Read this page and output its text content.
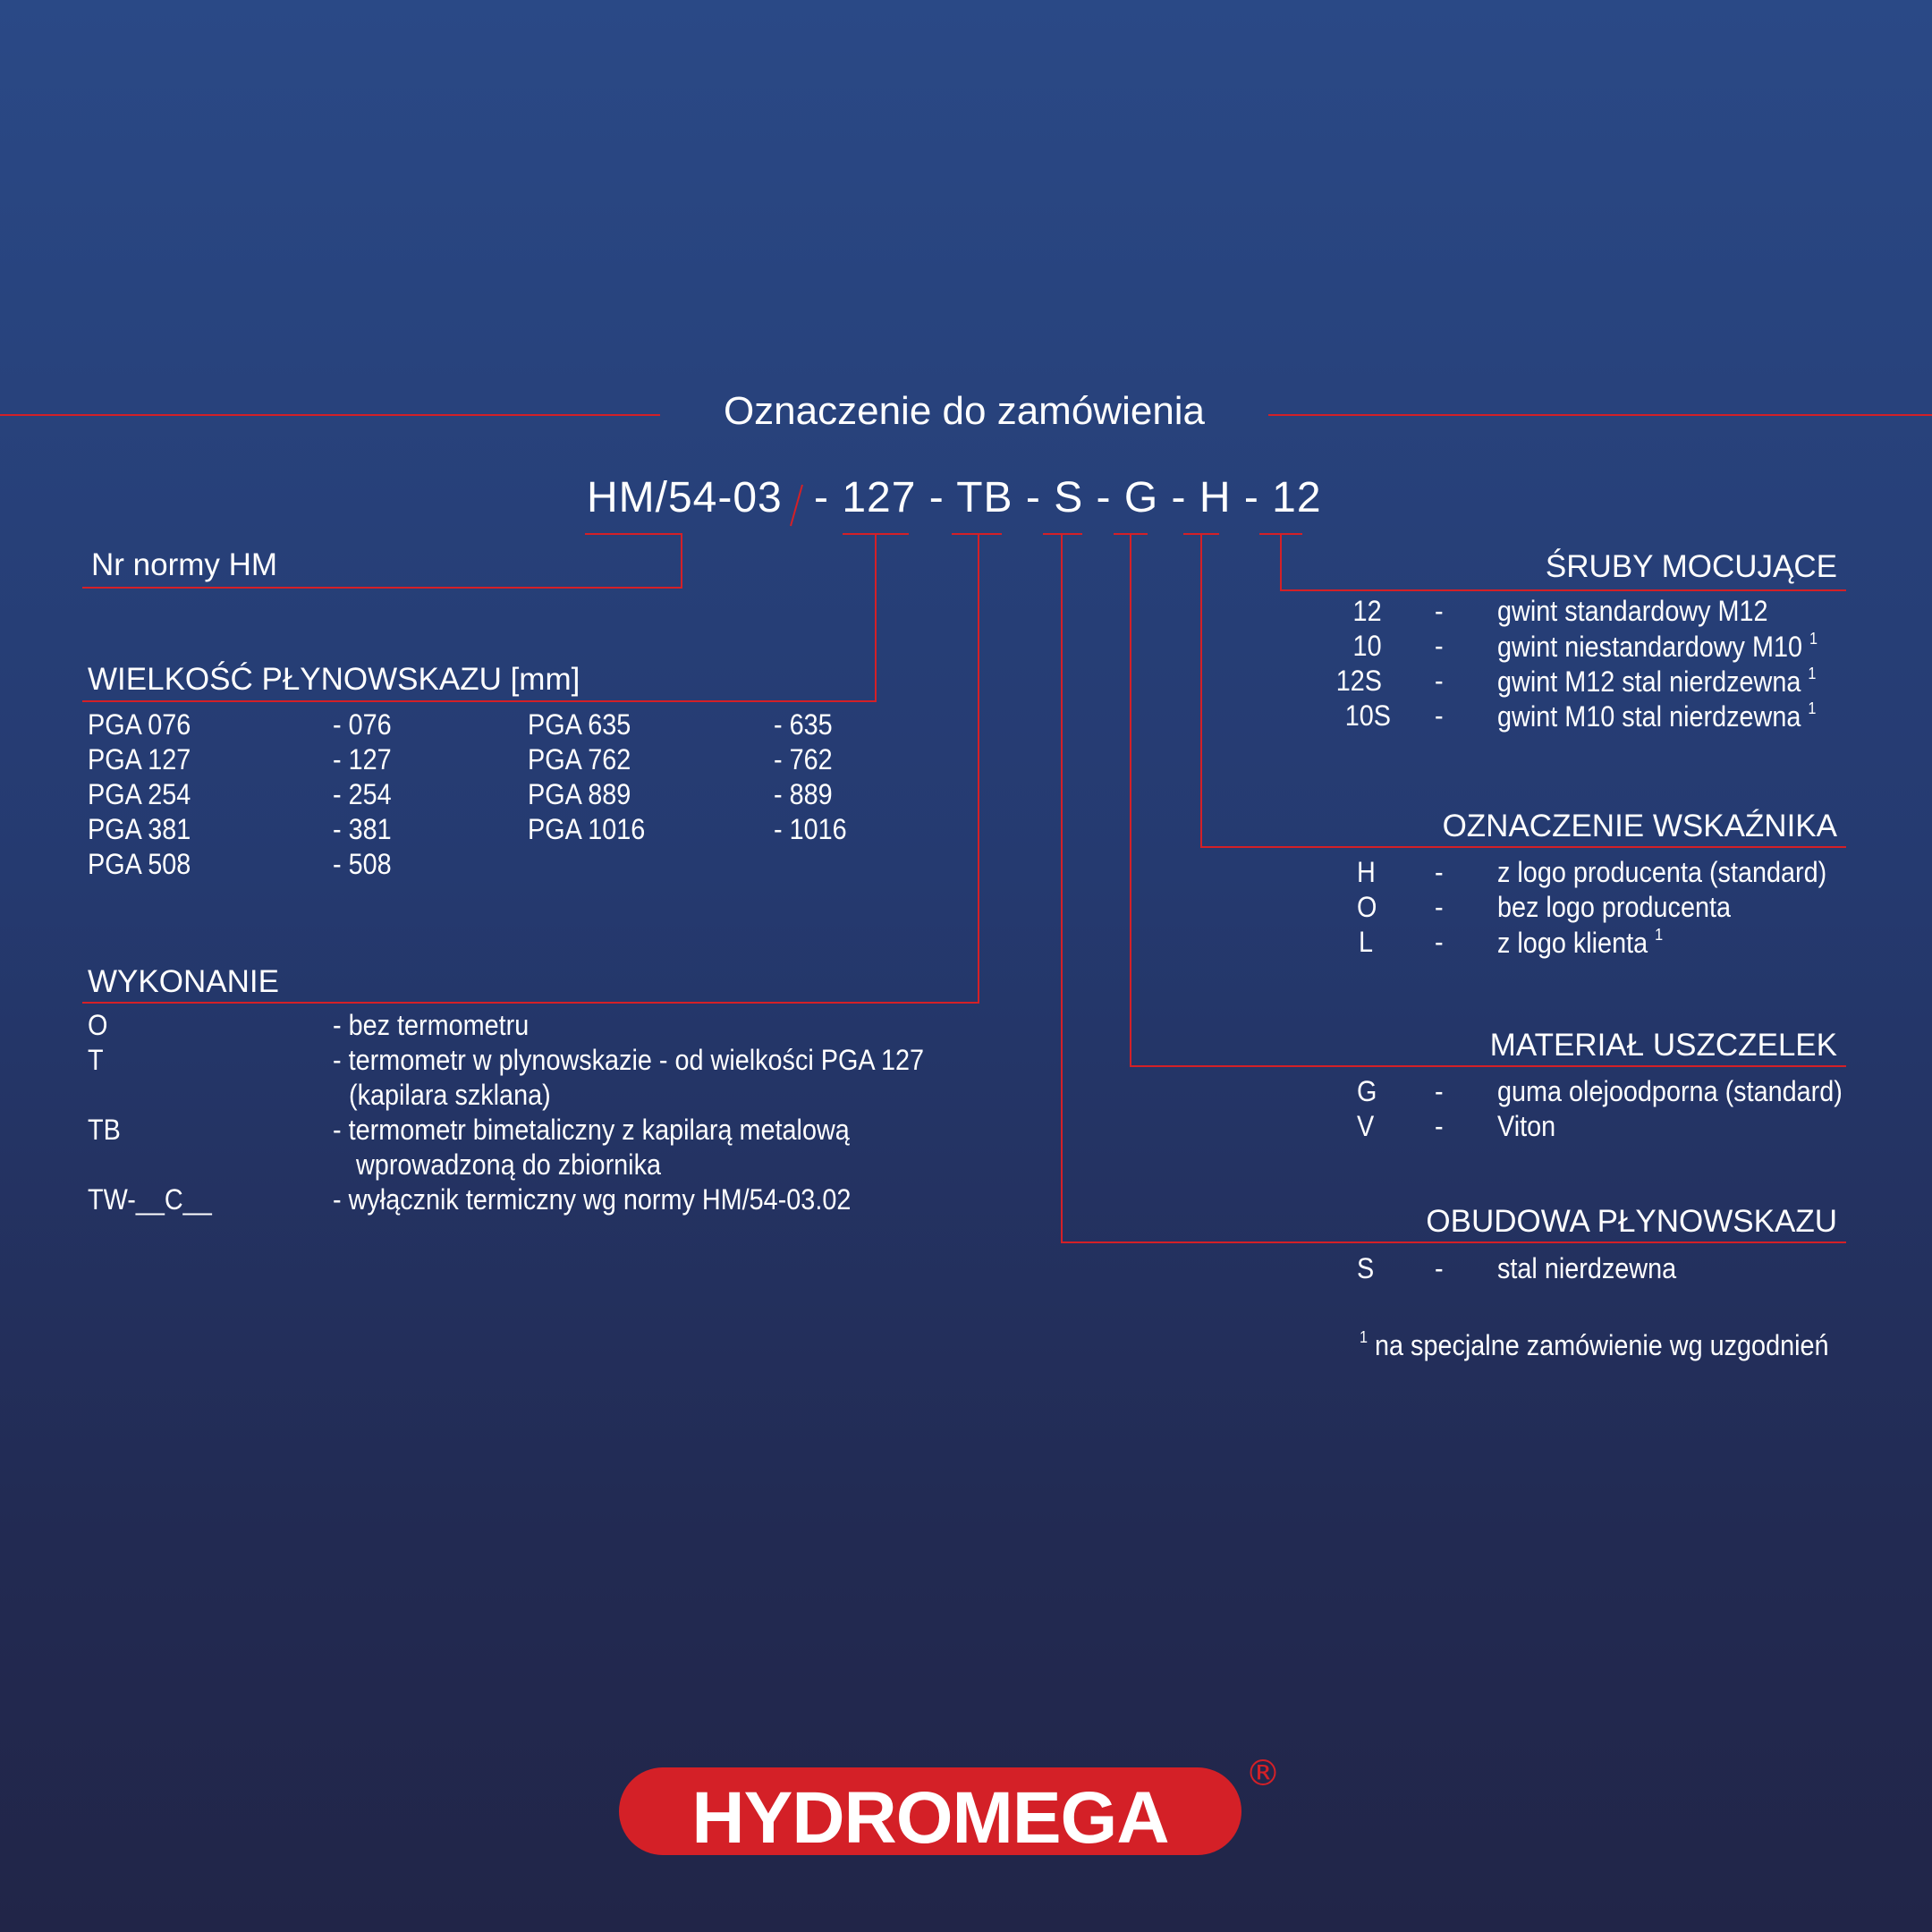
Oznaczenie do zamówienia
HM/54-03 - 127 - TB - S - G - H - 12
Nr normy HM
WIELKOŚĆ PŁYNOWSKAZU [mm]
PGA 076	- 076
PGA 127	- 127
PGA 254	- 254
PGA 381	- 381
PGA 508	- 508
PGA 635	- 635
PGA 762	- 762
PGA 889	- 889
PGA 1016	- 1016
WYKONANIE
O	- bez termometru
T	- termometr w plynowskazie - od wielkości PGA 127
(kapilara szklana)
TB	- termometr bimetaliczny z kapilarą metalową
wprowadzoną do zbiornika
TW-__C__	- wyłącznik termiczny wg normy HM/54-03.02
ŚRUBY MOCUJĄCE
12 - gwint standardowy M12
10 - gwint niestandardowy M10 $^1$
12S - gwint M12 stal nierdzewna $^1$
10S - gwint M10 stal nierdzewna $^1$
OZNACZENIE WSKAŹNIKA
H - z logo producenta (standard)
O - bez logo producenta
L - z logo klienta $^1$
MATERIAŁ USZCZELEK
G - guma olejoodporna (standard)
V - Viton
OBUDOWA PŁYNOWSKAZU
S - stal nierdzewna
$^1$ na specjalne zamówienie wg uzgodnień
HYDROMEGA
®
